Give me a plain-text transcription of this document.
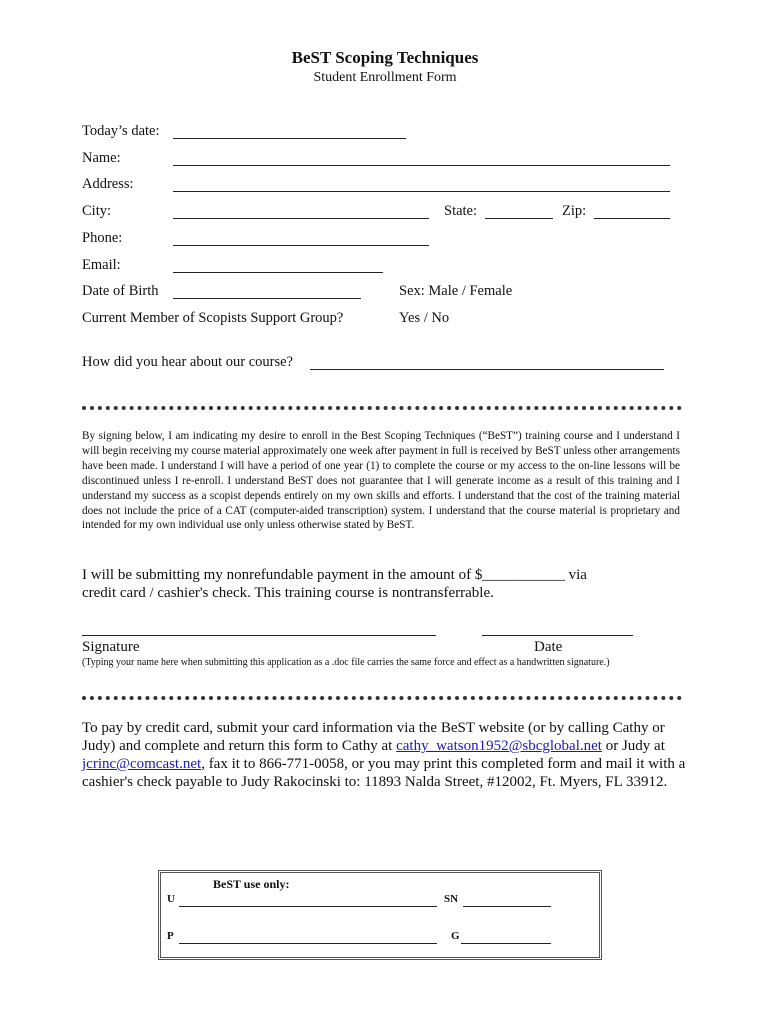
BeST Scoping Techniques
Student Enrollment Form
Today’s date:
Name:
Address:
City:	State:	Zip:
Phone:
Email:
Date of Birth	Sex: Male / Female
Current Member of Scopists Support Group?	Yes / No
How did you hear about our course?
By signing below, I am indicating my desire to enroll in the Best Scoping Techniques (“BeST”) training course and I understand I will begin receiving my course material approximately one week after payment in full is received by BeST unless other arrangements have been made. I understand I will have a period of one year (1) to complete the course or my access to the on-line lessons will be discontinued unless I re-enroll. I understand BeST does not guarantee that I will generate income as a result of this training and I understand my success as a scopist depends entirely on my own skills and efforts. I understand that the cost of the training material does not include the price of a CAT (computer-aided transcription) system. I understand that the course material is proprietary and intended for my own individual use only unless otherwise stated by BeST.
I will be submitting my nonrefundable payment in the amount of $___________ via
credit card / cashier's check. This training course is nontransferrable.
Signature	Date
(Typing your name here when submitting this application as a .doc file carries the same force and effect as a handwritten signature.)
To pay by credit card, submit your card information via the BeST website (or by calling Cathy or Judy) and complete and return this form to Cathy at cathy_watson1952@sbcglobal.net or Judy at jcrinc@comcast.net, fax it to 866-771-0058, or you may print this completed form and mail it with a cashier's check payable to Judy Rakocinski to: 11893 Nalda Street, #12002, Ft. Myers, FL 33912.
BeST use only:
U	SN
P	G
